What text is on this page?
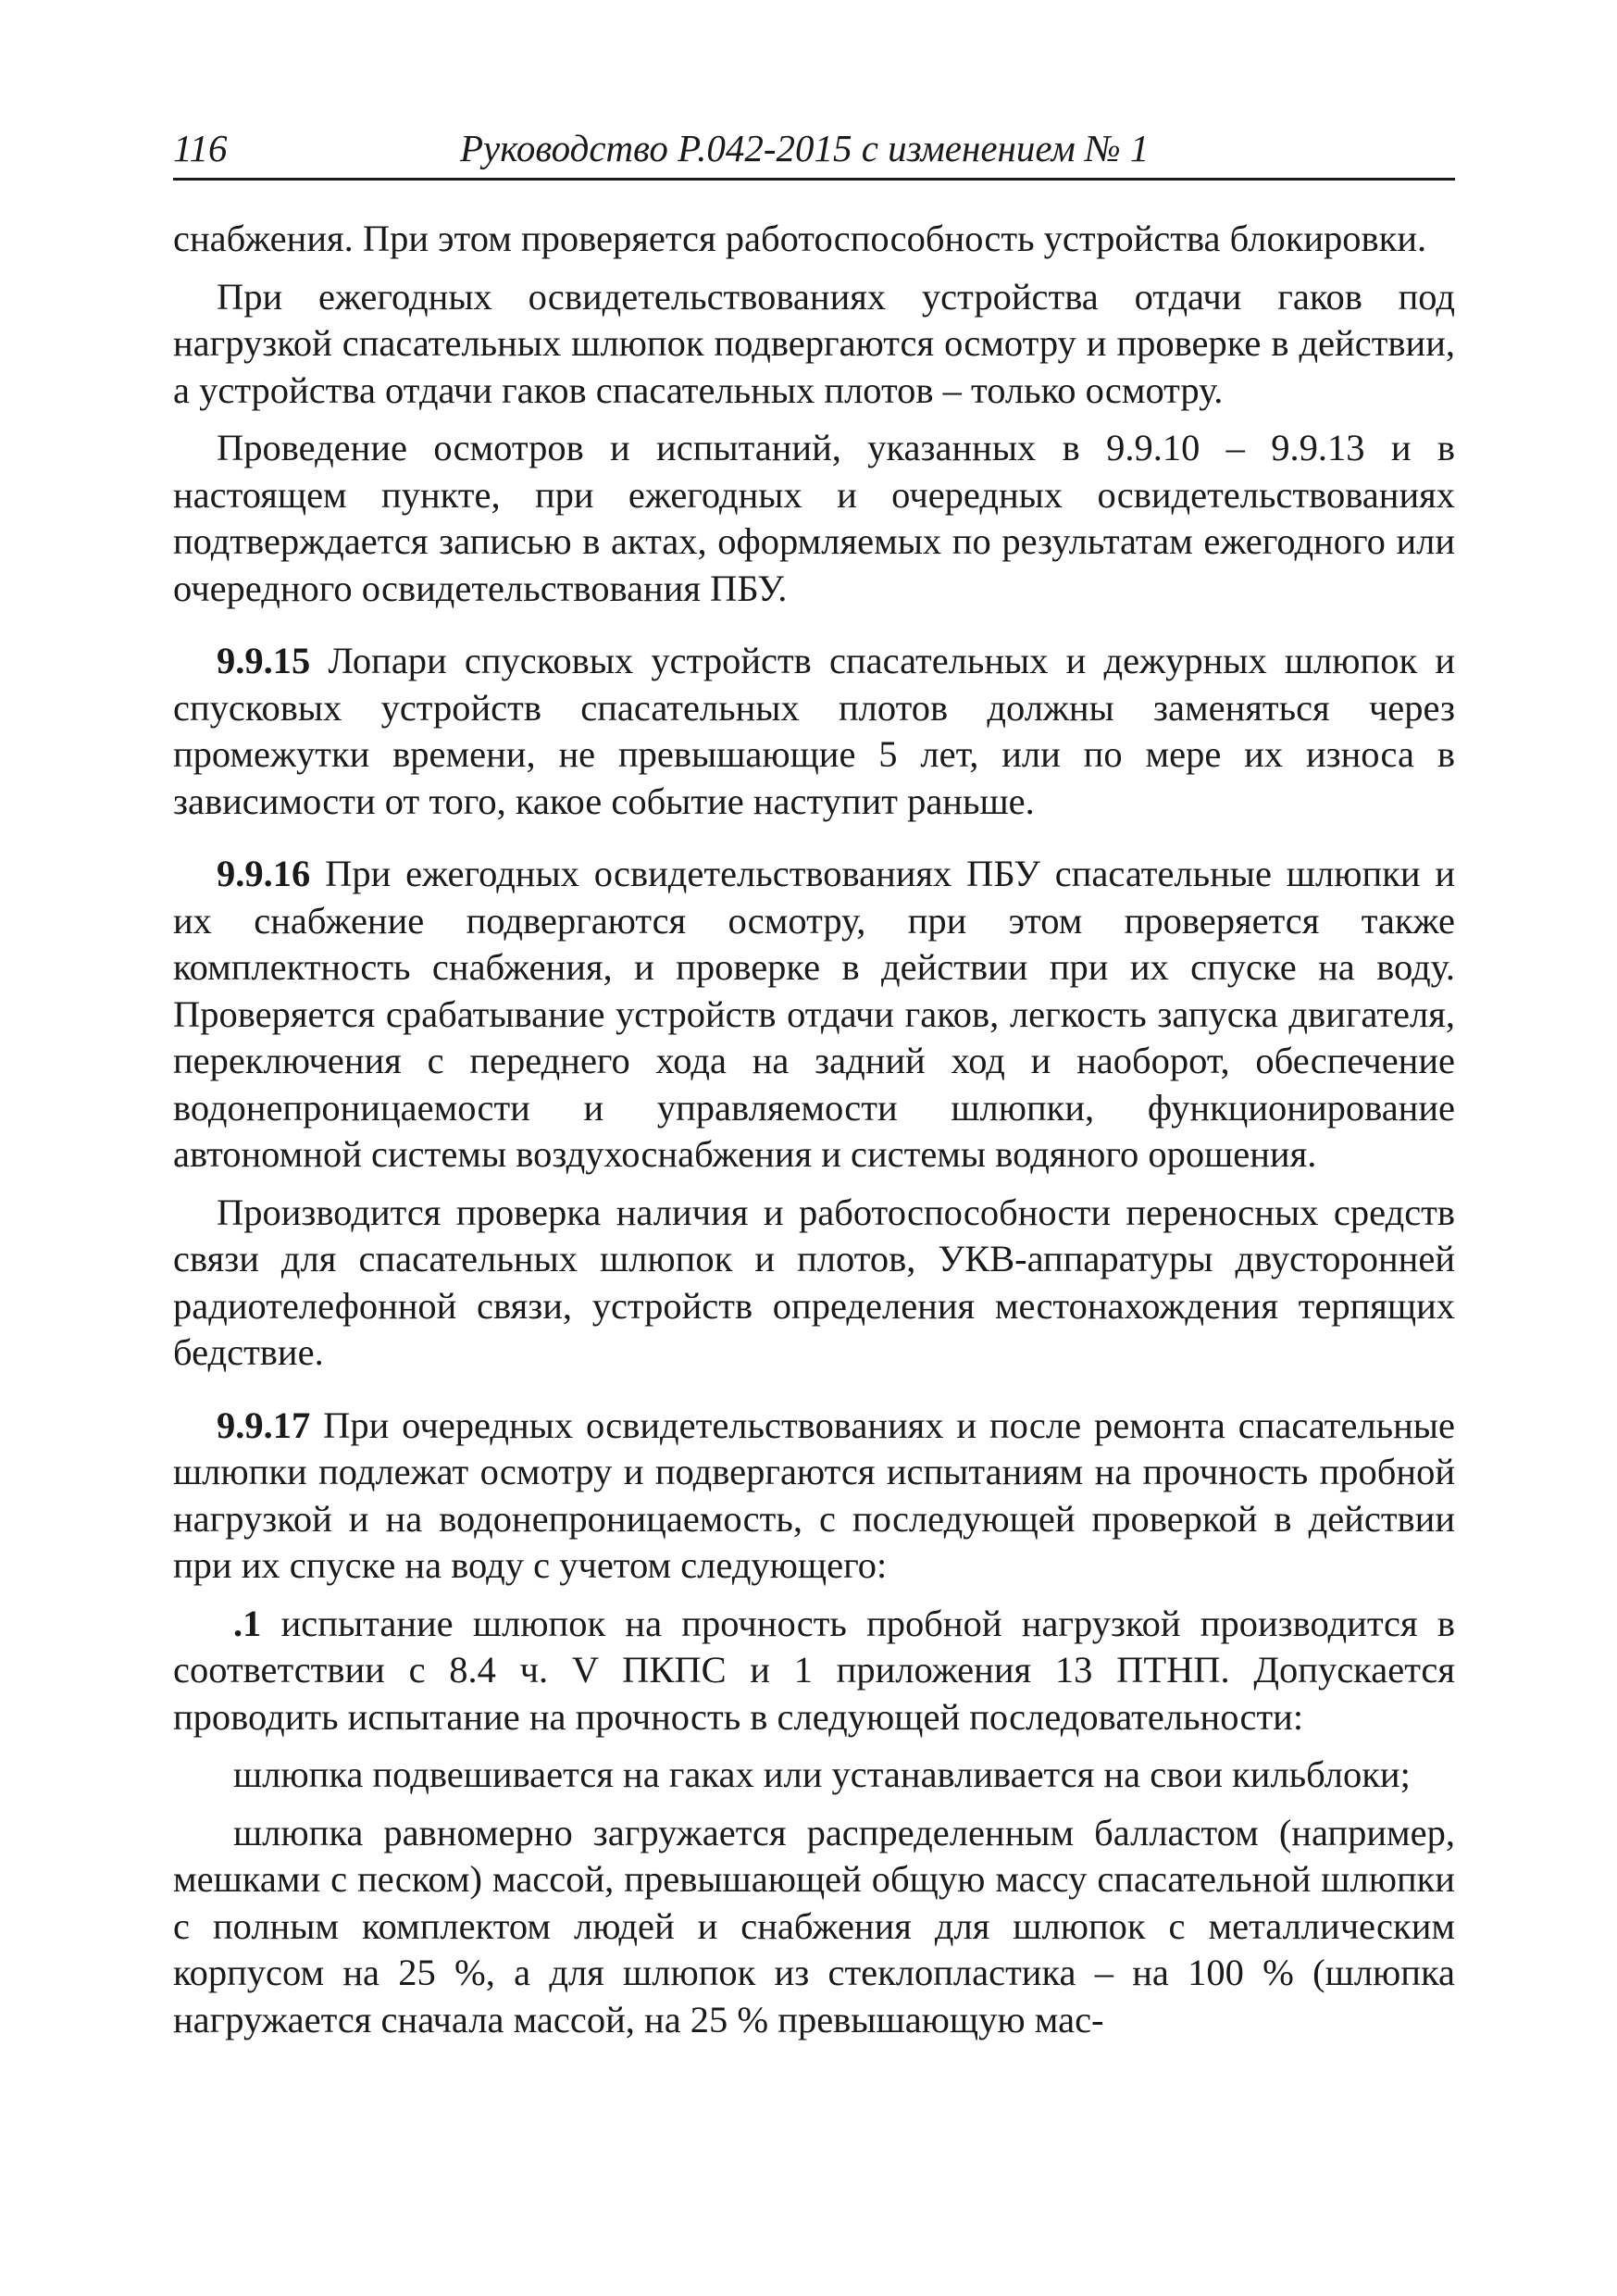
116	Руководство Р.042-2015 с изменением № 1

снабжения. При этом проверяется работоспособность устройства блокировки.

При ежегодных освидетельствованиях устройства отдачи гаков под нагрузкой спасательных шлюпок подвергаются осмотру и проверке в действии, а устройства отдачи гаков спасательных плотов – только осмотру.

Проведение осмотров и испытаний, указанных в 9.9.10 – 9.9.13 и в настоящем пункте, при ежегодных и очередных освидетельствованиях подтверждается записью в актах, оформляемых по результатам ежегодного или очередного освидетельствования ПБУ.

9.9.15 Лопари спусковых устройств спасательных и дежурных шлюпок и спусковых устройств спасательных плотов должны заменяться через промежутки времени, не превышающие 5 лет, или по мере их износа в зависимости от того, какое событие наступит раньше.

9.9.16 При ежегодных освидетельствованиях ПБУ спасательные шлюпки и их снабжение подвергаются осмотру, при этом проверяется также комплектность снабжения, и проверке в действии при их спуске на воду. Проверяется срабатывание устройств отдачи гаков, легкость запуска двигателя, переключения с переднего хода на задний ход и наоборот, обеспечение водонепроницаемости и управляемости шлюпки, функционирование автономной системы воздухоснабжения и системы водяного орошения.

Производится проверка наличия и работоспособности переносных средств связи для спасательных шлюпок и плотов, УКВ-аппаратуры двусторонней радиотелефонной связи, устройств определения местонахождения терпящих бедствие.

9.9.17 При очередных освидетельствованиях и после ремонта спасательные шлюпки подлежат осмотру и подвергаются испытаниям на прочность пробной нагрузкой и на водонепроницаемость, с последующей проверкой в действии при их спуске на воду с учетом следующего:

.1 испытание шлюпок на прочность пробной нагрузкой производится в соответствии с 8.4 ч. V ПКПС и 1 приложения 13 ПТНП. Допускается проводить испытание на прочность в следующей последовательности:

шлюпка подвешивается на гаках или устанавливается на свои кильблоки;

шлюпка равномерно загружается распределенным балластом (например, мешками с песком) массой, превышающей общую массу спасательной шлюпки с полным комплектом людей и снабжения для шлюпок с металлическим корпусом на 25 %, а для шлюпок из стеклопластика – на 100 % (шлюпка нагружается сначала массой, на 25 % превышающую мас-
